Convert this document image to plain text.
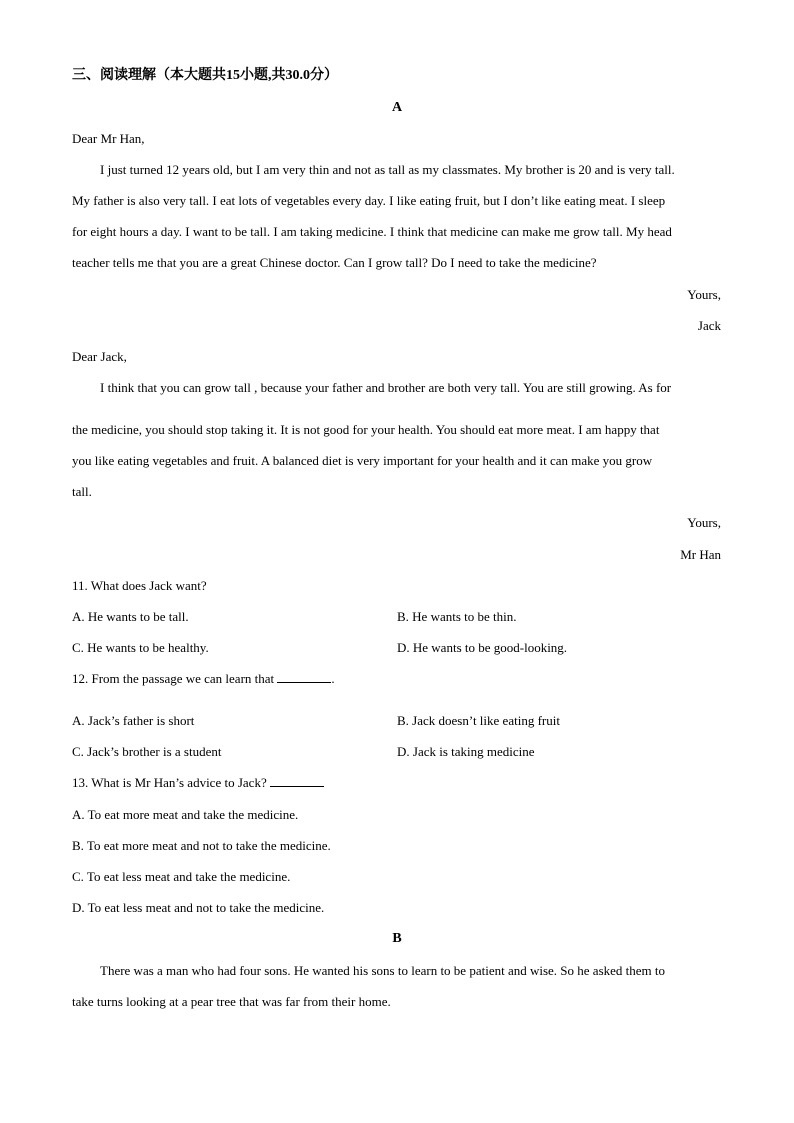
三、阅读理解（本大题共15小题,共30.0分）
A
Dear Mr Han,
I just turned 12 years old, but I am very thin and not as tall as my classmates. My brother is 20 and is very tall.
My father is also very tall. I eat lots of vegetables every day. I like eating fruit, but I don’t like eating meat. I sleep
for eight hours a day. I want to be tall. I am taking medicine. I think that medicine can make me grow tall. My head
teacher tells me that you are a great Chinese doctor. Can I grow tall? Do I need to take the medicine?
Yours,
Jack
Dear Jack,
I think that you can grow tall , because your father and brother are both very tall. You are still growing. As for
the medicine, you should stop taking it. It is not good for your health. You should eat more meat. I am happy that
you like eating vegetables and fruit. A balanced diet is very important for your health and it can make you grow
tall.
Yours,
Mr Han
11. What does Jack want?
A. He wants to be tall.	B. He wants to be thin.
C. He wants to be healthy.	D. He wants to be good-looking.
12. From the passage we can learn that	.
A. Jack’s father is short	B. Jack doesn’t like eating fruit
C. Jack’s brother is a student	D. Jack is taking medicine
13. What is Mr Han’s advice to Jack?
A. To eat more meat and take the medicine.
B. To eat more meat and not to take the medicine.
C. To eat less meat and take the medicine.
D. To eat less meat and not to take the medicine.
B
There was a man who had four sons. He wanted his sons to learn to be patient and wise. So he asked them to
take turns looking at a pear tree that was far from their home.
